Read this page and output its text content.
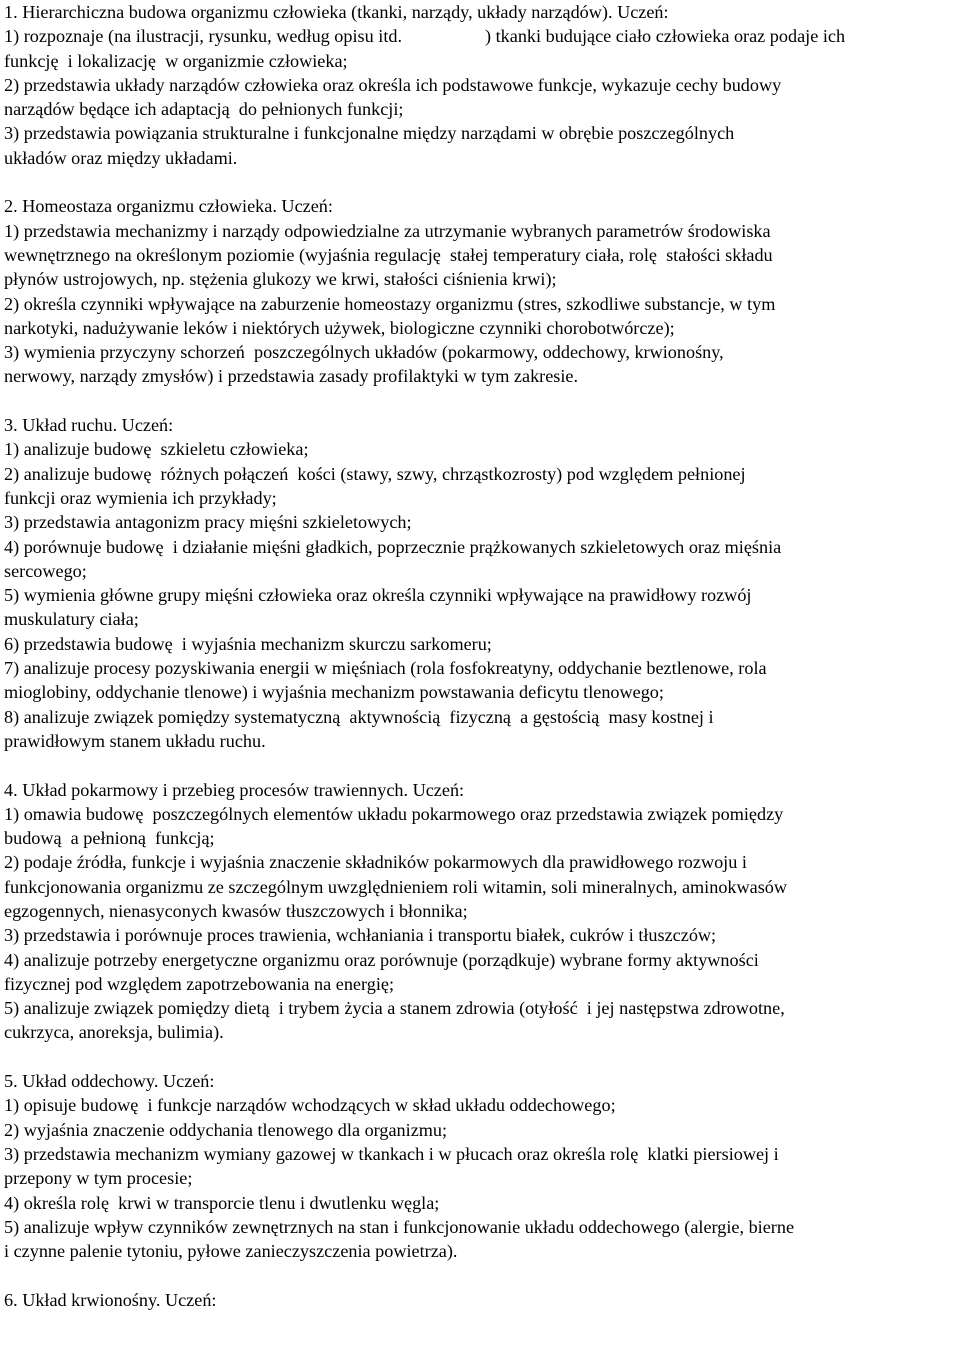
1. Hierarchiczna budowa organizmu człowieka (tkanki, narządy, układy narządów). Uczeń:
1) rozpoznaje (na ilustracji, rysunku, według opisu itd.	) tkanki budujące ciało człowieka oraz podaje ich
funkcję  i lokalizację  w organizmie człowieka;
2) przedstawia układy narządów człowieka oraz określa ich podstawowe funkcje, wykazuje cechy budowy
narządów będące ich adaptacją  do pełnionych funkcji;
3) przedstawia powiązania strukturalne i funkcjonalne między narządami w obrębie poszczególnych
układów oraz między układami.
2. Homeostaza organizmu człowieka. Uczeń:
1) przedstawia mechanizmy i narządy odpowiedzialne za utrzymanie wybranych parametrów środowiska
wewnętrznego na określonym poziomie (wyjaśnia regulację  stałej temperatury ciała, rolę  stałości składu
płynów ustrojowych, np. stężenia glukozy we krwi, stałości ciśnienia krwi);
2) określa czynniki wpływające na zaburzenie homeostazy organizmu (stres, szkodliwe substancje, w tym
narkotyki, nadużywanie leków i niektórych używek, biologiczne czynniki chorobotwórcze);
3) wymienia przyczyny schorzeń  poszczególnych układów (pokarmowy, oddechowy, krwionośny,
nerwowy, narządy zmysłów) i przedstawia zasady profilaktyki w tym zakresie.
3. Układ ruchu. Uczeń:
1) analizuje budowę  szkieletu człowieka;
2) analizuje budowę  różnych połączeń  kości (stawy, szwy, chrząstkozrosty) pod względem pełnionej
funkcji oraz wymienia ich przykłady;
3) przedstawia antagonizm pracy mięśni szkieletowych;
4) porównuje budowę  i działanie mięśni gładkich, poprzecznie prążkowanych szkieletowych oraz mięśnia
sercowego;
5) wymienia główne grupy mięśni człowieka oraz określa czynniki wpływające na prawidłowy rozwój
muskulatury ciała;
6) przedstawia budowę  i wyjaśnia mechanizm skurczu sarkomeru;
7) analizuje procesy pozyskiwania energii w mięśniach (rola fosfokreatyny, oddychanie beztlenowe, rola
mioglobiny, oddychanie tlenowe) i wyjaśnia mechanizm powstawania deficytu tlenowego;
8) analizuje związek pomiędzy systematyczną  aktywnością  fizyczną  a gęstością  masy kostnej i
prawidłowym stanem układu ruchu.
4. Układ pokarmowy i przebieg procesów trawiennych. Uczeń:
1) omawia budowę  poszczególnych elementów układu pokarmowego oraz przedstawia związek pomiędzy
budową  a pełnioną  funkcją;
2) podaje źródła, funkcje i wyjaśnia znaczenie składników pokarmowych dla prawidłowego rozwoju i
funkcjonowania organizmu ze szczególnym uwzględnieniem roli witamin, soli mineralnych, aminokwasów
egzogennych, nienasyconych kwasów tłuszczowych i błonnika;
3) przedstawia i porównuje proces trawienia, wchłaniania i transportu białek, cukrów i tłuszczów;
4) analizuje potrzeby energetyczne organizmu oraz porównuje (porządkuje) wybrane formy aktywności
fizycznej pod względem zapotrzebowania na energię;
5) analizuje związek pomiędzy dietą  i trybem życia a stanem zdrowia (otyłość  i jej następstwa zdrowotne,
cukrzyca, anoreksja, bulimia).
5. Układ oddechowy. Uczeń:
1) opisuje budowę  i funkcje narządów wchodzących w skład układu oddechowego;
2) wyjaśnia znaczenie oddychania tlenowego dla organizmu;
3) przedstawia mechanizm wymiany gazowej w tkankach i w płucach oraz określa rolę  klatki piersiowej i
przepony w tym procesie;
4) określa rolę  krwi w transporcie tlenu i dwutlenku węgla;
5) analizuje wpływ czynników zewnętrznych na stan i funkcjonowanie układu oddechowego (alergie, bierne
i czynne palenie tytoniu, pyłowe zanieczyszczenia powietrza).
6. Układ krwionośny. Uczeń:
